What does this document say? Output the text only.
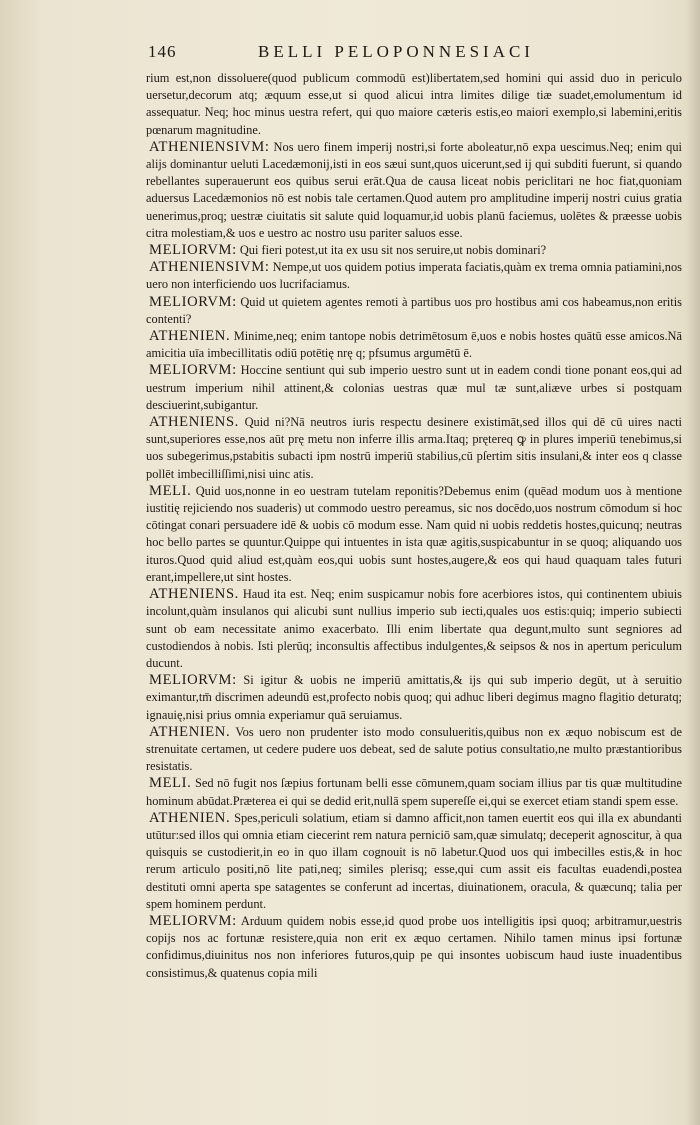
146	BELLI PELOPONNESIACI

rium est,non dissoluere(quod publicum commodū est)libertatem,sed homini qui assid duo in periculo uersetur,decorum atq; æquum esse,ut si quod alicui intra limites dilige tiæ suadet,emolumentum id assequatur. Neq; hoc minus uestra refert, qui quo maiore cæteris estis,eo maiori exemplo,si labemini,eritis pœnarum magnitudine.

ATHENIENSIVM: Nos uero finem imperij nostri,si forte aboleatur,nō expa uescimus.Neq; enim qui alijs dominantur ueluti Lacedæmonij,isti in eos sæui sunt,quos uicerunt,sed ij qui subditi fuerunt, si quando rebellantes superauerunt eos quibus serui erāt.Qua de causa liceat nobis periclitari ne hoc fiat,quoniam aduersus Lacedæmonios nō est nobis tale certamen.Quod autem pro amplitudine imperij nostri cuius gratia uenerimus,proq; uestræ ciuitatis sit salute quid loquamur,id uobis planū faciemus, uolētes & præesse uobis citra molestiam,& uos e uestro ac nostro usu pariter saluos esse.

MELIORVM: Qui fieri potest,ut ita ex usu sit nos seruire,ut nobis dominari?

ATHENIENSIVM: Nempe,ut uos quidem potius imperata faciatis,quàm ex trema omnia patiamini,nos uero non interficiendo uos lucrifaciamus.

MELIORVM: Quid ut quietem agentes remoti à partibus uos pro hostibus ami cos habeamus,non eritis contenti?

ATHENIEN. Minime,neq; enim tantope nobis detrimētosum ē,uos e nobis hostes quātū esse amicos.Nā amicitia uīa imbecillitatis odiū potētię nrę q; pfsumus argumētū ē.

MELIORVM: Hoccine sentiunt qui sub imperio uestro sunt ut in eadem condi tione ponant eos,qui ad uestrum imperium nihil attinent,& colonias uestras quæ mul tæ sunt,aliæve urbes si postquam desciuerint,subigantur.

ATHENIENS. Quid ni?Nā neutros iuris respectu desinere existimāt,sed illos qui dē cū uires nacti sunt,superiores esse,nos aūt prę metu non inferre illis arma.Itaq; prętereq ꝙ in plures imperiū tenebimus,si uos subegerimus,pstabitis subacti ipm nostrū imperiū stabilius,cū pſertim sitis insulani,& inter eos q classe pollēt imbecilliſſimi,nisi uinc atis.

MELI. Quid uos,nonne in eo uestram tutelam reponitis?Debemus enim (quēad modum uos à mentione iustitię rejiciendo nos suaderis) ut commodo uestro pereamus, sic nos docēdo,uos nostrum cōmodum si hoc cōtingat conari persuadere idē & uobis cō modum esse. Nam quid ni uobis reddetis hostes,quicunq; neutras hoc bello partes se quuntur.Quippe qui intuentes in ista quæ agitis,suspicabuntur in se quoq; aliquando uos ituros.Quod quid aliud est,quàm eos,qui uobis sunt hostes,augere,& eos qui haud quaquam tales futuri erant,impellere,ut sint hostes.

ATHENIENS. Haud ita est. Neq; enim suspicamur nobis fore acerbiores istos, qui continentem ubiuis incolunt,quàm insulanos qui alicubi sunt nullius imperio sub iecti,quales uos estis:quiq; imperio subiecti sunt ob eam necessitate animo exacerbato. Illi enim libertate qua degunt,multo sunt segniores ad custodiendos à nobis. Isti plerūq; inconsultis affectibus indulgentes,& seipsos & nos in apertum periculum ducunt.

MELIORVM: Si igitur & uobis ne imperiū amittatis,& ijs qui sub imperio degūt, ut à seruitio eximantur,tm̄ discrimen adeundū est,profecto nobis quoq; qui adhuc liberi degimus magno flagitio deturatq; ignauię,nisi prius omnia experiamur quā seruiamus.

ATHENIEN. Vos uero non prudenter isto modo consulueritis,quibus non ex æquo nobiscum est de strenuitate certamen, ut cedere pudere uos debeat, sed de salute potius consultatio,ne multo præstantioribus resistatis.

MELI. Sed nō fugit nos ſæpius fortunam belli esse cōmunem,quam sociam illius par tis quæ multitudine hominum abūdat.Præterea ei qui se dedid erit,nullā spem supereſſe ei,qui se exercet etiam standi spem esse.

ATHENIEN. Spes,periculi solatium, etiam si damno afficit,non tamen euertit eos qui illa ex abundanti utūtur:sed illos qui omnia etiam ciecerint rem natura perniciō sam,quæ simulatq; deceperit agnoscitur, à qua quisquis se custodierit,in eo in quo illam cognouit is nō labetur.Quod uos qui imbecilles estis,& in hoc rerum articulo positi,nō lite pati,neq; similes plerisq; esse,qui cum assit eis facultas euadendi,postea destituti omni aperta spe satagentes se conferunt ad incertas, diuinationem, oracula, & quæcunq; talia per spem hominem perdunt.

MELIORVM: Arduum quidem nobis esse,id quod probe uos intelligitis ipsi quoq; arbitramur,uestris copijs nos ac fortunæ resistere,quia non erit ex æquo certamen. Nihilo tamen minus ipsi fortunæ confidimus,diuinitus nos non inferiores futuros,quip pe qui insontes uobiscum haud iuste inuadentibus consistimus,& quatenus copia mili
